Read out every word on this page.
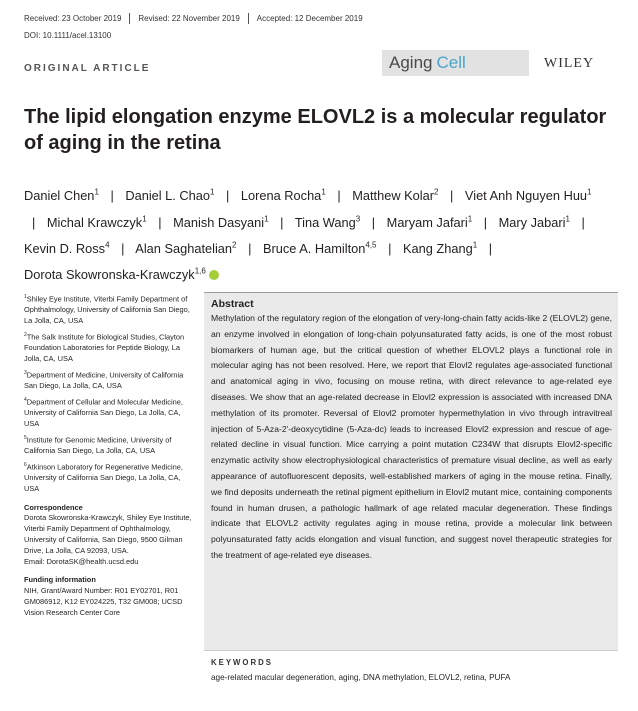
Received: 23 October 2019 Revised: 22 November 2019 Accepted: 12 December 2019
DOI: 10.1111/acel.13100
ORIGINAL ARTICLE	Aging Cell	WILEY
The lipid elongation enzyme ELOVL2 is a molecular regulator of aging in the retina
Daniel Chen$^1$ | Daniel L. Chao$^1$ | Lorena Rocha$^1$ | Matthew Kolar$^2$ | Viet Anh Nguyen Huu$^1$ | Michal Krawczyk$^1$ | Manish Dasyani$^1$ | Tina Wang$^3$ | Maryam Jafari$^1$ | Mary Jabari$^1$ | Kevin D. Ross$^4$ | Alan Saghatelian$^2$ | Bruce A. Hamilton$^{4,5}$ | Kang Zhang$^1$ | Dorota Skowronska-Krawczyk$^{1,6}$
$^1$Shiley Eye Institute, Viterbi Family Department of Ophthalmology, University of California San Diego, La Jolla, CA, USA
$^2$The Salk Institute for Biological Studies, Clayton Foundation Laboratories for Peptide Biology, La Jolla, CA, USA
$^3$Department of Medicine, University of California San Diego, La Jolla, CA, USA
$^4$Department of Cellular and Molecular Medicine, University of California San Diego, La Jolla, CA, USA
$^5$Institute for Genomic Medicine, University of California San Diego, La Jolla, CA, USA
$^6$Atkinson Laboratory for Regenerative Medicine, University of California San Diego, La Jolla, CA, USA
Correspondence
Dorota Skowronska-Krawczyk, Shiley Eye Institute, Viterbi Family Department of Ophthalmology, University of California, San Diego, 9500 Gilman Drive, La Jolla, CA 92093, USA.
Email: DorotaSK@health.ucsd.edu
Funding information
NIH, Grant/Award Number: R01 EY02701, R01 GM086912, K12 EY024225, T32 GM008; UCSD Vision Research Center Core
Abstract

Methylation of the regulatory region of the elongation of very-long-chain fatty acids-like 2 (ELOVL2) gene, an enzyme involved in elongation of long-chain polyunsaturated fatty acids, is one of the most robust biomarkers of human age, but the critical question of whether ELOVL2 plays a functional role in molecular aging has not been resolved. Here, we report that Elovl2 regulates age-associated functional and anatomical aging in vivo, focusing on mouse retina, with direct relevance to age-related eye diseases. We show that an age-related decrease in Elovl2 expression is associated with increased DNA methylation of its promoter. Reversal of Elovl2 promoter hypermethylation in vivo through intravitreal injection of 5-Aza-2'-deoxycytidine (5-Aza-dc) leads to increased Elovl2 expression and rescue of age-related decline in visual function. Mice carrying a point mutation C234W that disrupts Elovl2-specific enzymatic activity show electrophysiological characteristics of premature visual decline, as well as early appearance of autofluorescent deposits, well-established markers of aging in the mouse retina. Finally, we find deposits underneath the retinal pigment epithelium in Elovl2 mutant mice, containing components found in human drusen, a pathologic hallmark of age related macular degeneration. These findings indicate that ELOVL2 activity regulates aging in mouse retina, provide a molecular link between polyunsaturated fatty acids elongation and visual function, and suggest novel therapeutic strategies for the treatment of age-related eye diseases.

KEYWORDS

age-related macular degeneration, aging, DNA methylation, ELOVL2, retina, PUFA
